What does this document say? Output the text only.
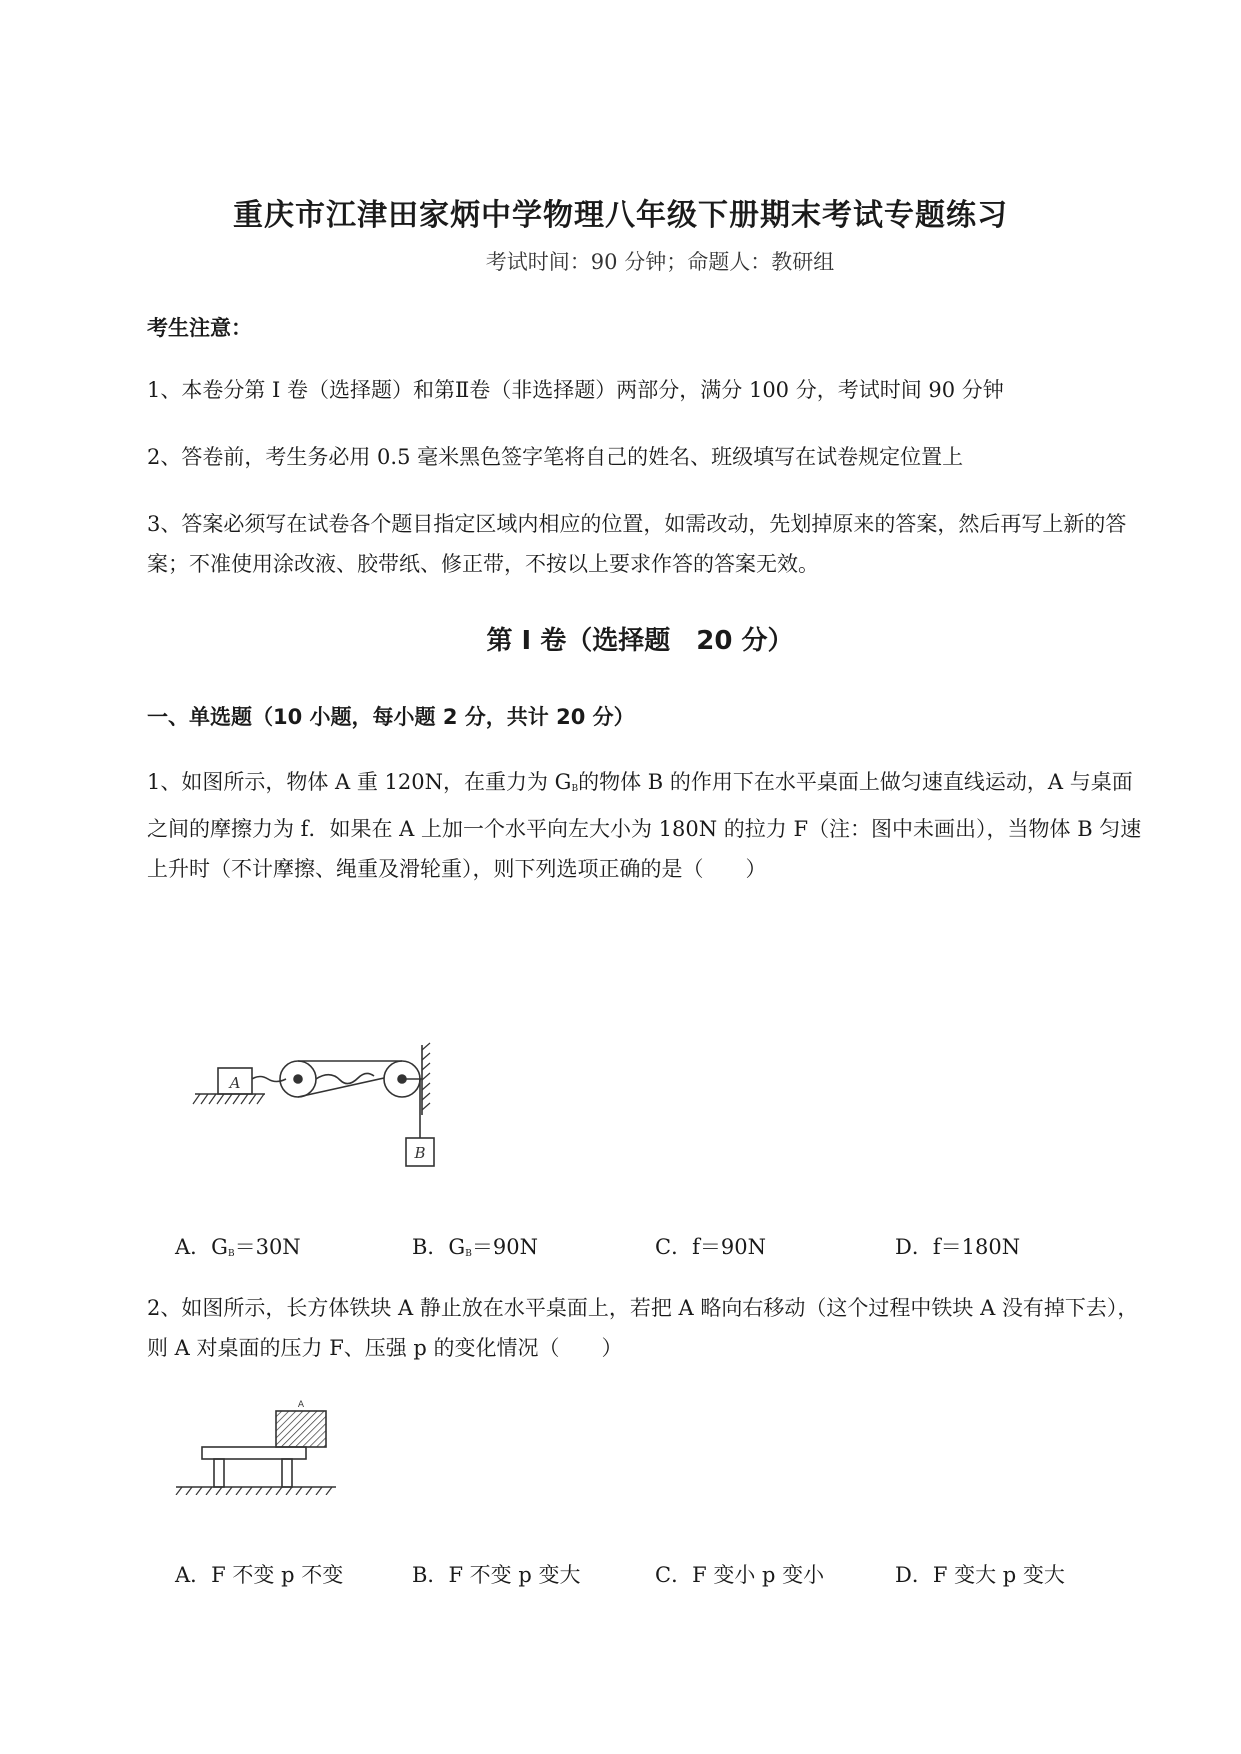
重庆市江津田家炳中学物理八年级下册期末考试专题练习
考试时间：90 分钟；命题人：教研组
考生注意：
1、本卷分第 I 卷（选择题）和第Ⅱ卷（非选择题）两部分，满分 100 分，考试时间 90 分钟
2、答卷前，考生务必用 0.5 毫米黑色签字笔将自己的姓名、班级填写在试卷规定位置上
3、答案必须写在试卷各个题目指定区域内相应的位置，如需改动，先划掉原来的答案，然后再写上新的答案；不准使用涂改液、胶带纸、修正带，不按以上要求作答的答案无效。
第 I 卷（选择题　20 分）
一、单选题（10 小题，每小题 2 分，共计 20 分）
1、如图所示，物体 A 重 120N，在重力为 $G_B$的物体 B 的作用下在水平桌面上做匀速直线运动，A 与桌面之间的摩擦力为 f．如果在 A 上加一个水平向左大小为 180N 的拉力 F（注：图中未画出），当物体 B 匀速上升时（不计摩擦、绳重及滑轮重），则下列选项正确的是（　　）
A
B
A．$G_B=30N$	B．$G_B=90N$	C．f＝90N	D．f＝180N
2、如图所示，长方体铁块 A 静止放在水平桌面上，若把 A 略向右移动（这个过程中铁块 A 没有掉下去），则 A 对桌面的压力 F、压强 p 的变化情况（　　）
A
A．F 不变 p 不变	B．F 不变 p 变大	C．F 变小 p 变小	D．F 变大 p 变大
